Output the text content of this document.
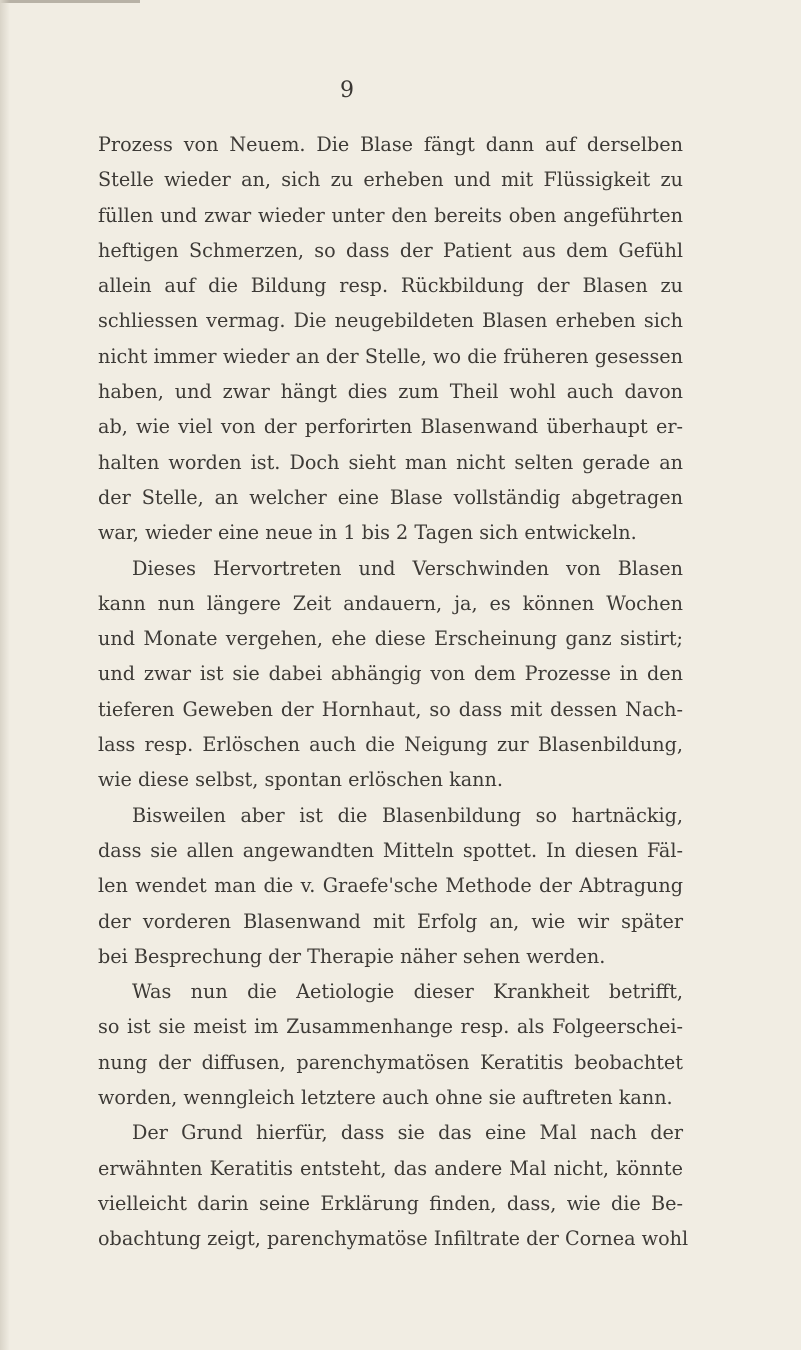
9
Prozess von Neuem. Die Blase fängt dann auf derselben
Stelle wieder an, sich zu erheben und mit Flüssigkeit zu
füllen und zwar wieder unter den bereits oben angeführten
heftigen Schmerzen, so dass der Patient aus dem Gefühl
allein auf die Bildung resp. Rückbildung der Blasen zu
schliessen vermag. Die neugebildeten Blasen erheben sich
nicht immer wieder an der Stelle, wo die früheren gesessen
haben, und zwar hängt dies zum Theil wohl auch davon
ab, wie viel von der perforirten Blasenwand überhaupt er-
halten worden ist. Doch sieht man nicht selten gerade an
der Stelle, an welcher eine Blase vollständig abgetragen
war, wieder eine neue in 1 bis 2 Tagen sich entwickeln.
Dieses Hervortreten und Verschwinden von Blasen
kann nun längere Zeit andauern, ja, es können Wochen
und Monate vergehen, ehe diese Erscheinung ganz sistirt;
und zwar ist sie dabei abhängig von dem Prozesse in den
tieferen Geweben der Hornhaut, so dass mit dessen Nach-
lass resp. Erlöschen auch die Neigung zur Blasenbildung,
wie diese selbst, spontan erlöschen kann.
Bisweilen aber ist die Blasenbildung so hartnäckig,
dass sie allen angewandten Mitteln spottet. In diesen Fäl-
len wendet man die v. Graefe'sche Methode der Abtragung
der vorderen Blasenwand mit Erfolg an, wie wir später
bei Besprechung der Therapie näher sehen werden.
Was nun die Aetiologie dieser Krankheit betrifft,
so ist sie meist im Zusammenhange resp. als Folgeerschei-
nung der diffusen, parenchymatösen Keratitis beobachtet
worden, wenngleich letztere auch ohne sie auftreten kann.
Der Grund hierfür, dass sie das eine Mal nach der
erwähnten Keratitis entsteht, das andere Mal nicht, könnte
vielleicht darin seine Erklärung finden, dass, wie die Be-
obachtung zeigt, parenchymatöse Infiltrate der Cornea wohl
